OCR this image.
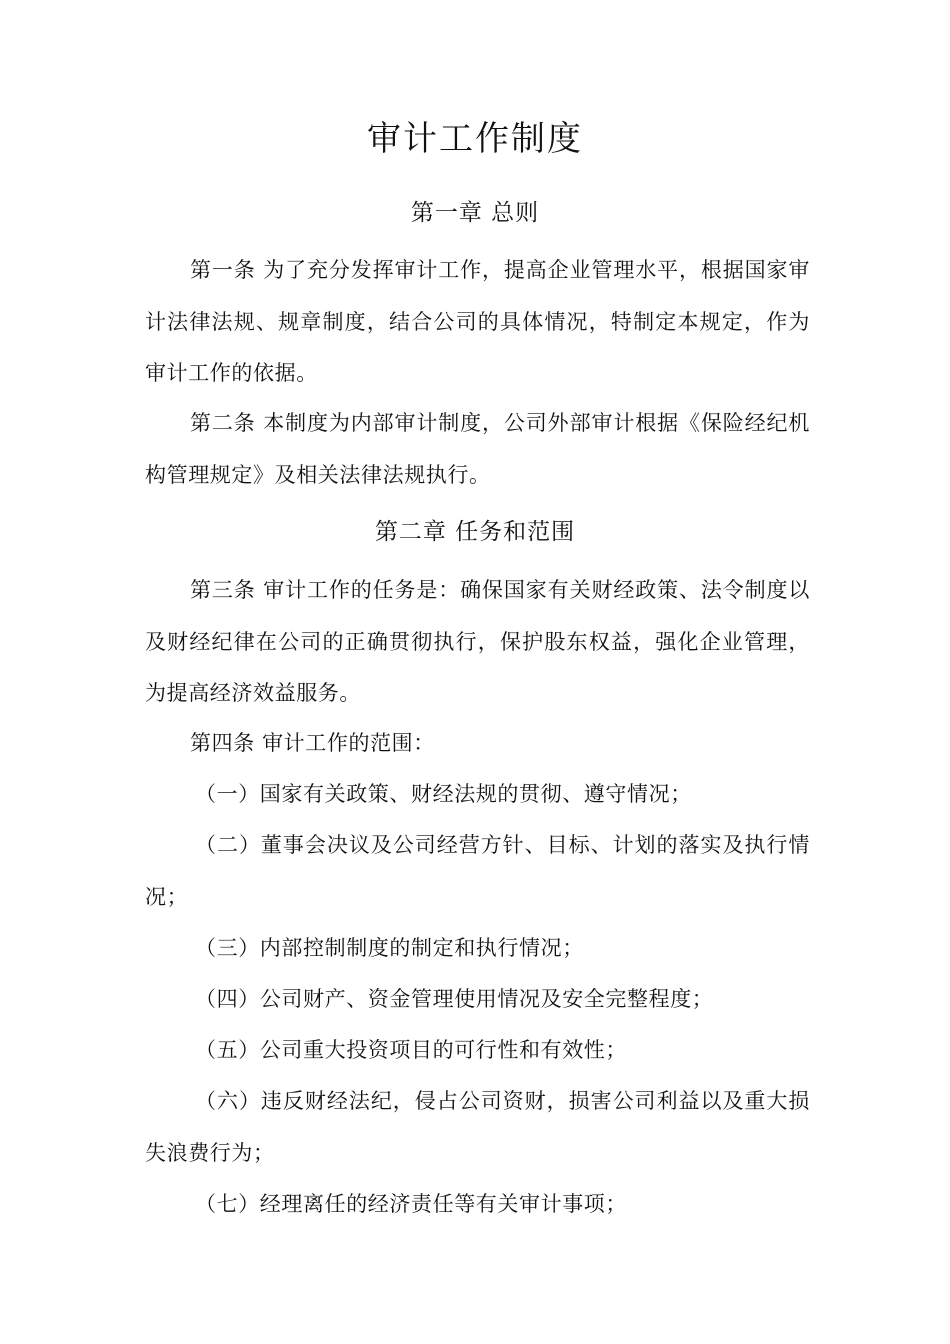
审计工作制度
第一章 总则

第一条 为了充分发挥审计工作，提高企业管理水平，根据国家审计法律法规、规章制度，结合公司的具体情况，特制定本规定，作为审计工作的依据。

第二条 本制度为内部审计制度，公司外部审计根据《保险经纪机构管理规定》及相关法律法规执行。

第二章 任务和范围

第三条 审计工作的任务是：确保国家有关财经政策、法令制度以及财经纪律在公司的正确贯彻执行，保护股东权益，强化企业管理，为提高经济效益服务。

第四条 审计工作的范围：

（一）国家有关政策、财经法规的贯彻、遵守情况；

（二）董事会决议及公司经营方针、目标、计划的落实及执行情况；

（三）内部控制制度的制定和执行情况；

（四）公司财产、资金管理使用情况及安全完整程度；

（五）公司重大投资项目的可行性和有效性；

（六）违反财经法纪，侵占公司资财，损害公司利益以及重大损失浪费行为；

（七）经理离任的经济责任等有关审计事项；
